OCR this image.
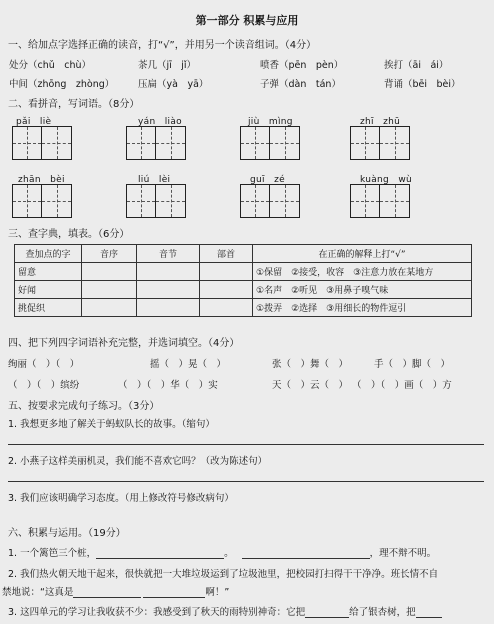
第一部分 积累与应用
一、给加点字选择正确的读音，打“√”，并用另一个读音组词。（4分）
处分（chǔ　chù）	茶几（jī　jǐ）	喷香（pēn　pèn）	挨打（āi　ái）
中间（zhōng　zhòng）	压扁（yà　yā）	子弹（dàn　tán）	背诵（bēi　bèi）
二、看拼音，写词语。（8分）
pǎi　liè	yán　liào	jiù　mìng	zhī　zhū
zhān　bèi	liú　lèi	guī　zé	kuàng　wù
三、查字典，填表。（6分）
查加点的字	音序	音节	部首	在正确的解释上打“√”
留意				①保留　②接受，收容　③注意力放在某地方
好闻				①名声　②听见　③用鼻子嗅气味
挑促织				①拨弄　②选择　③用细长的物件逗引
四、把下列四字词语补充完整，并选词填空。（4分）
绚丽（　）（　）	摇（　）晃（　）	张（　）舞（　）	手（　）脚（　）
（　）（　）缤纷	（　）（　）华（　）实	天（　）云（　） （　）（　）画（　）方
五、按要求完成句子练习。（3分）
1. 我想更多地了解关于蚂蚁队长的故事。（缩句）
2. 小燕子这样美丽机灵，我们能不喜欢它吗？（改为陈述句）
3. 我们应该明确学习态度。（用上修改符号修改病句）
六、积累与运用。（19分）
1. 一个篱笆三个桩，	。	，理不辩不明。
2. 我们热火朝天地干起来，很快就把一大堆垃圾运到了垃圾池里，把校园打扫得干干净净。班长情不自
禁地说：“这真是	啊！”
3. 这四单元的学习让我收获不少：我感受到了秋天的雨特别神奇：它把	给了银杏树，把
